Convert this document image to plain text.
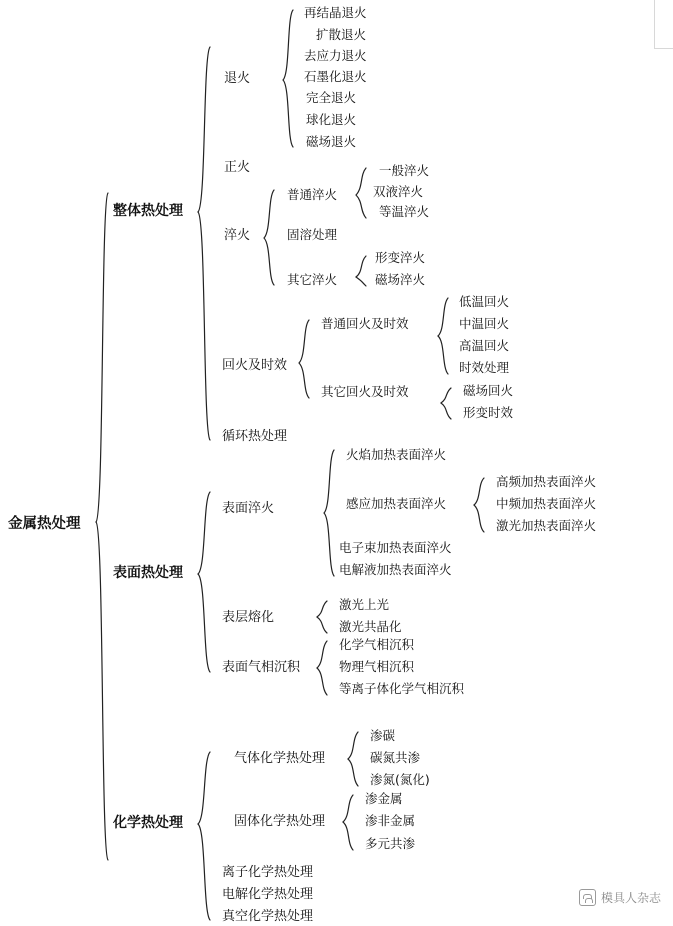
金属热处理
整体热处理
表面热处理
化学热处理
退火
正火
淬火
回火及时效
循环热处理
表面淬火
表层熔化
表面气相沉积
气体化学热处理
固体化学热处理
离子化学热处理
电解化学热处理
真空化学热处理
再结晶退火
扩散退火
去应力退火
石墨化退火
完全退火
球化退火
磁场退火
普通淬火
固溶处理
其它淬火
一般淬火
双液淬火
等温淬火
形变淬火
磁场淬火
普通回火及时效
其它回火及时效
低温回火
中温回火
高温回火
时效处理
磁场回火
形变时效
火焰加热表面淬火
感应加热表面淬火
电子束加热表面淬火
电解液加热表面淬火
高频加热表面淬火
中频加热表面淬火
激光加热表面淬火
激光上光
激光共晶化
化学气相沉积
物理气相沉积
等离子体化学气相沉积
渗碳
碳氮共渗
渗氮(氮化)
渗金属
渗非金属
多元共渗
模具人杂志
